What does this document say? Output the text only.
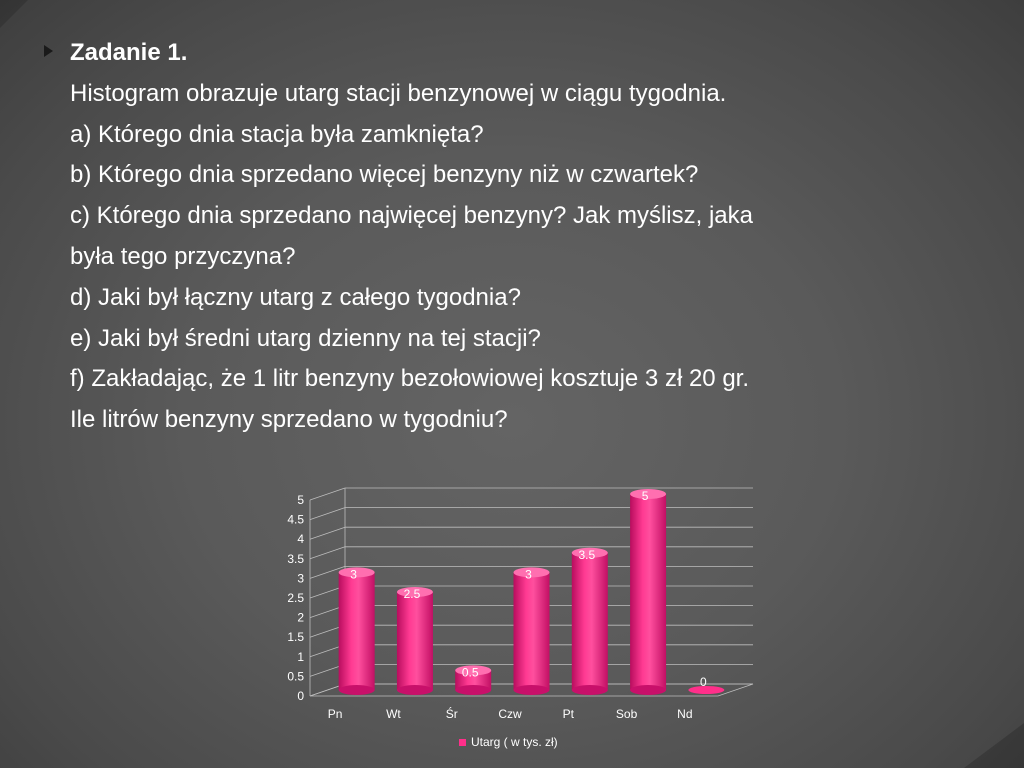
Zadanie 1.
Histogram obrazuje utarg stacji benzynowej w ciągu tygodnia.
a) Którego dnia stacja była zamknięta?
b) Którego dnia sprzedano więcej benzyny niż w czwartek?
c) Którego dnia sprzedano najwięcej benzyny? Jak myślisz, jaka
była tego przyczyna?
d) Jaki był łączny utarg z całego tygodnia?
e) Jaki był średni utarg dzienny na tej stacji?
f) Zakładając, że 1 litr benzyny bezołowiowej kosztuje 3 zł 20 gr.
Ile litrów benzyny sprzedano w tygodniu?
0
0.5
1
1.5
2
2.5
3
3.5
4
4.5
5
3
Pn
2.5
Wt
0.5
Śr
3
Czw
3.5
Pt
5
Sob
0
Nd
Utarg ( w tys. zł)
